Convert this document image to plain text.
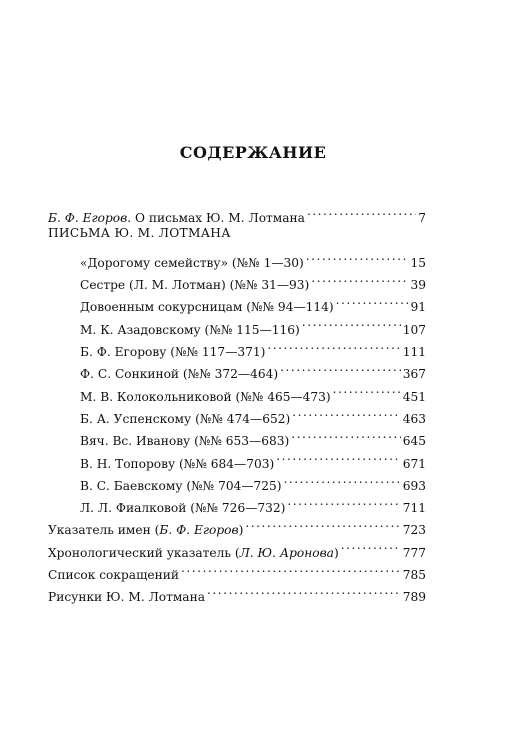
СОДЕРЖАНИЕ
Б. Ф. Егоров. О письмах Ю. М. Лотмана .....	7
ПИСЬМА Ю. М. ЛОТМАНА
«Дорогому семейству» (№№ 1—30) .....	15
Сестре (Л. М. Лотман) (№№ 31—93) .....	39
Довоенным сокурсницам (№№ 94—114) .....	91
М. К. Азадовскому (№№ 115—116) .....	107
Б. Ф. Егорову (№№ 117—371) .....	111
Ф. С. Сонкиной (№№ 372—464) .....	367
М. В. Колокольниковой (№№ 465—473) .....	451
Б. А. Успенскому (№№ 474—652) .....	463
Вяч. Вс. Иванову (№№ 653—683) .....	645
В. Н. Топорову (№№ 684—703) .....	671
В. С. Баевскому (№№ 704—725) .....	693
Л. Л. Фиалковой (№№ 726—732) .....	711
Указатель имен (Б. Ф. Егоров) .....	723
Хронологический указатель (Л. Ю. Аронова) .....	777
Список сокращений .....	785
Рисунки Ю. М. Лотмана .....	789
